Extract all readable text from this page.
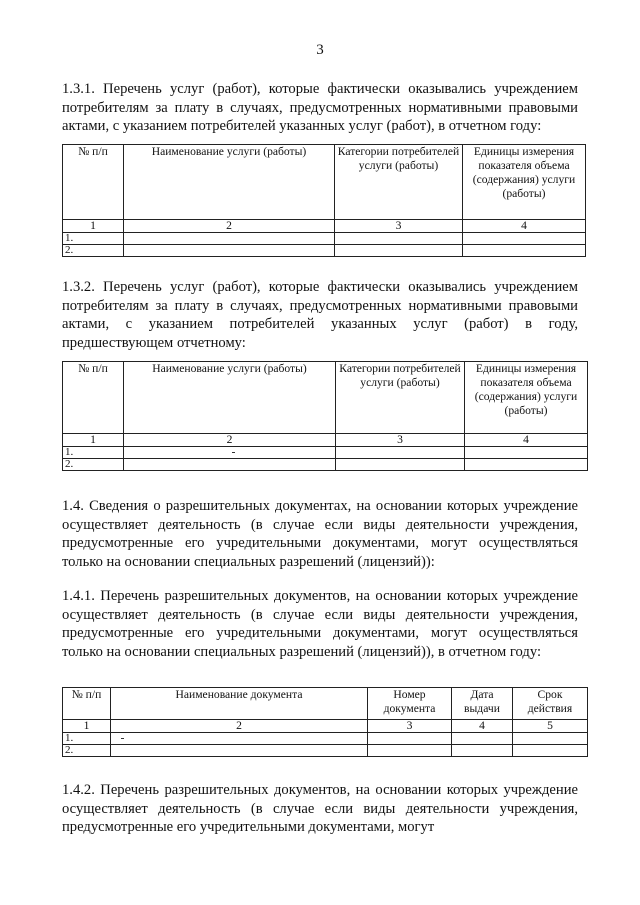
3

1.3.1. Перечень услуг (работ), которые фактически оказывались учреждением потребителям за плату в случаях, предусмотренных нормативными правовыми актами, с указанием потребителей указанных услуг (работ), в отчетном году:

№ п/п	Наименование услуги (работы)	Категории потребителей услуги (работы)	Единицы измерения показателя объема (содержания) услуги (работы)
1	2	3	4
1.			
2.			

1.3.2. Перечень услуг (работ), которые фактически оказывались учреждением потребителям за плату в случаях, предусмотренных нормативными правовыми актами, с указанием потребителей указанных услуг (работ) в году, предшествующем отчетному:

№ п/п	Наименование услуги (работы)	Категории потребителей услуги (работы)	Единицы измерения показателя объема (содержания) услуги (работы)
1	2	3	4
1.			
2.			

1.4. Сведения о разрешительных документах, на основании которых учреждение осуществляет деятельность (в случае если виды деятельности учреждения, предусмотренные его учредительными документами, могут осуществляться только на основании специальных разрешений (лицензий)):

1.4.1. Перечень разрешительных документов, на основании которых учреждение осуществляет деятельность (в случае если виды деятельности учреждения, предусмотренные его учредительными документами, могут осуществляться только на основании специальных разрешений (лицензий)), в отчетном году:

№ п/п	Наименование документа	Номер документа	Дата выдачи	Срок действия
1	2	3	4	5
1.				
2.				

1.4.2. Перечень разрешительных документов, на основании которых учреждение осуществляет деятельность (в случае если виды деятельности учреждения, предусмотренные его учредительными документами, могут
